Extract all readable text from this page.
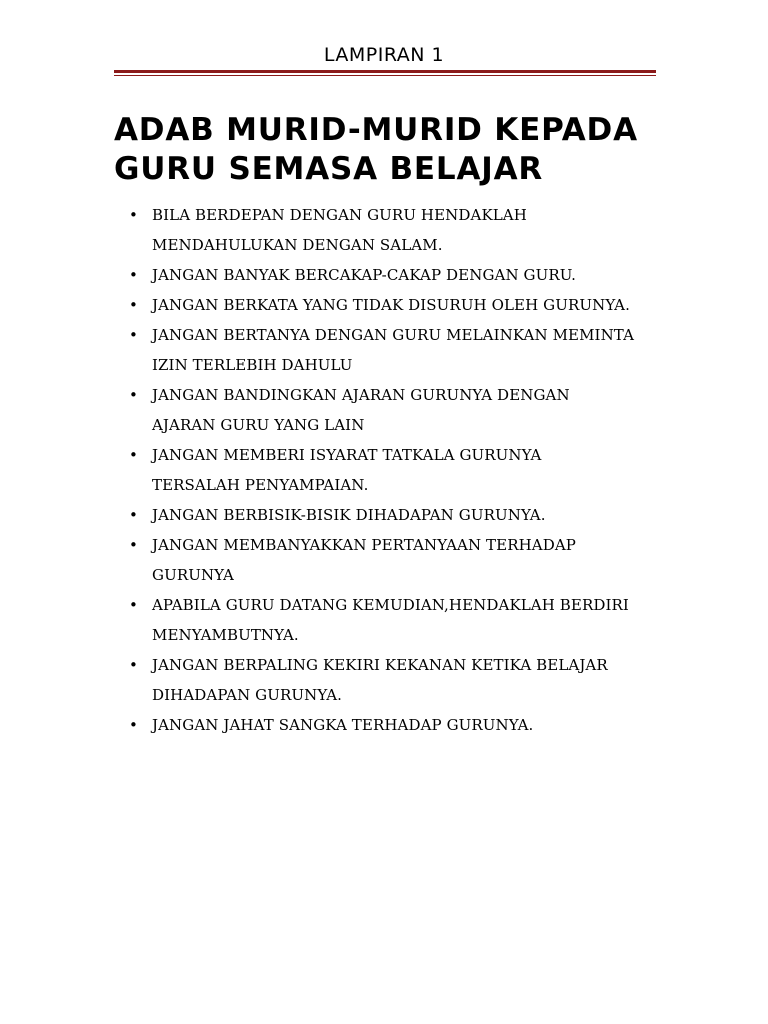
LAMPIRAN 1
ADAB MURID-MURID KEPADA
GURU SEMASA BELAJAR
• BILA BERDEPAN DENGAN GURU HENDAKLAH
MENDAHULUKAN DENGAN SALAM.
• JANGAN BANYAK BERCAKAP-CAKAP DENGAN GURU.
• JANGAN BERKATA YANG TIDAK DISURUH OLEH GURUNYA.
• JANGAN BERTANYA DENGAN GURU MELAINKAN MEMINTA
IZIN TERLEBIH DAHULU
• JANGAN BANDINGKAN AJARAN GURUNYA DENGAN
AJARAN GURU YANG LAIN
• JANGAN MEMBERI ISYARAT TATKALA GURUNYA
TERSALAH PENYAMPAIAN.
• JANGAN BERBISIK-BISIK DIHADAPAN GURUNYA.
• JANGAN MEMBANYAKKAN PERTANYAAN TERHADAP
GURUNYA
• APABILA GURU DATANG KEMUDIAN,HENDAKLAH BERDIRI
MENYAMBUTNYA.
• JANGAN BERPALING KEKIRI KEKANAN KETIKA BELAJAR
DIHADAPAN GURUNYA.
• JANGAN JAHAT SANGKA TERHADAP GURUNYA.
